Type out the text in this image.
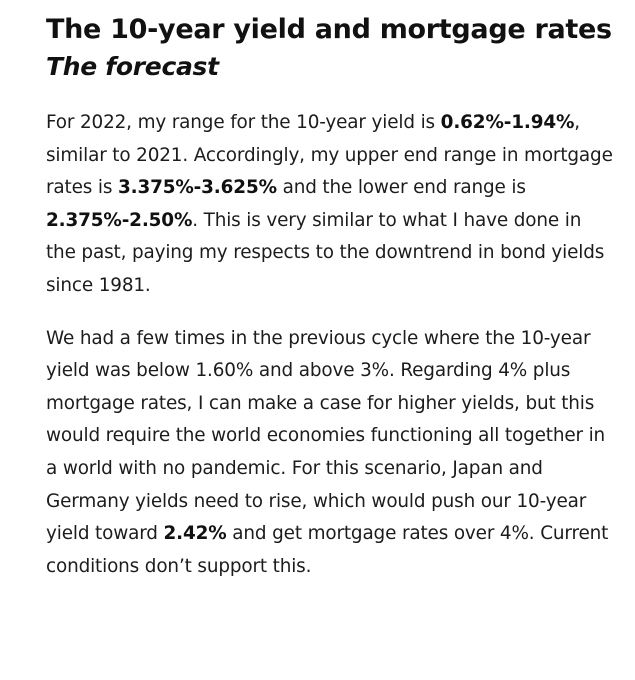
The 10-year yield and mortgage rates
The forecast

For 2022, my range for the 10-year yield is 0.62%-1.94%, similar to 2021. Accordingly, my upper end range in mortgage rates is 3.375%-3.625% and the lower end range is 2.375%-2.50%. This is very similar to what I have done in the past, paying my respects to the downtrend in bond yields since 1981.

We had a few times in the previous cycle where the 10-year yield was below 1.60% and above 3%. Regarding 4% plus mortgage rates, I can make a case for higher yields, but this would require the world economies functioning all together in a world with no pandemic. For this scenario, Japan and Germany yields need to rise, which would push our 10-year yield toward 2.42% and get mortgage rates over 4%. Current conditions don’t support this.
